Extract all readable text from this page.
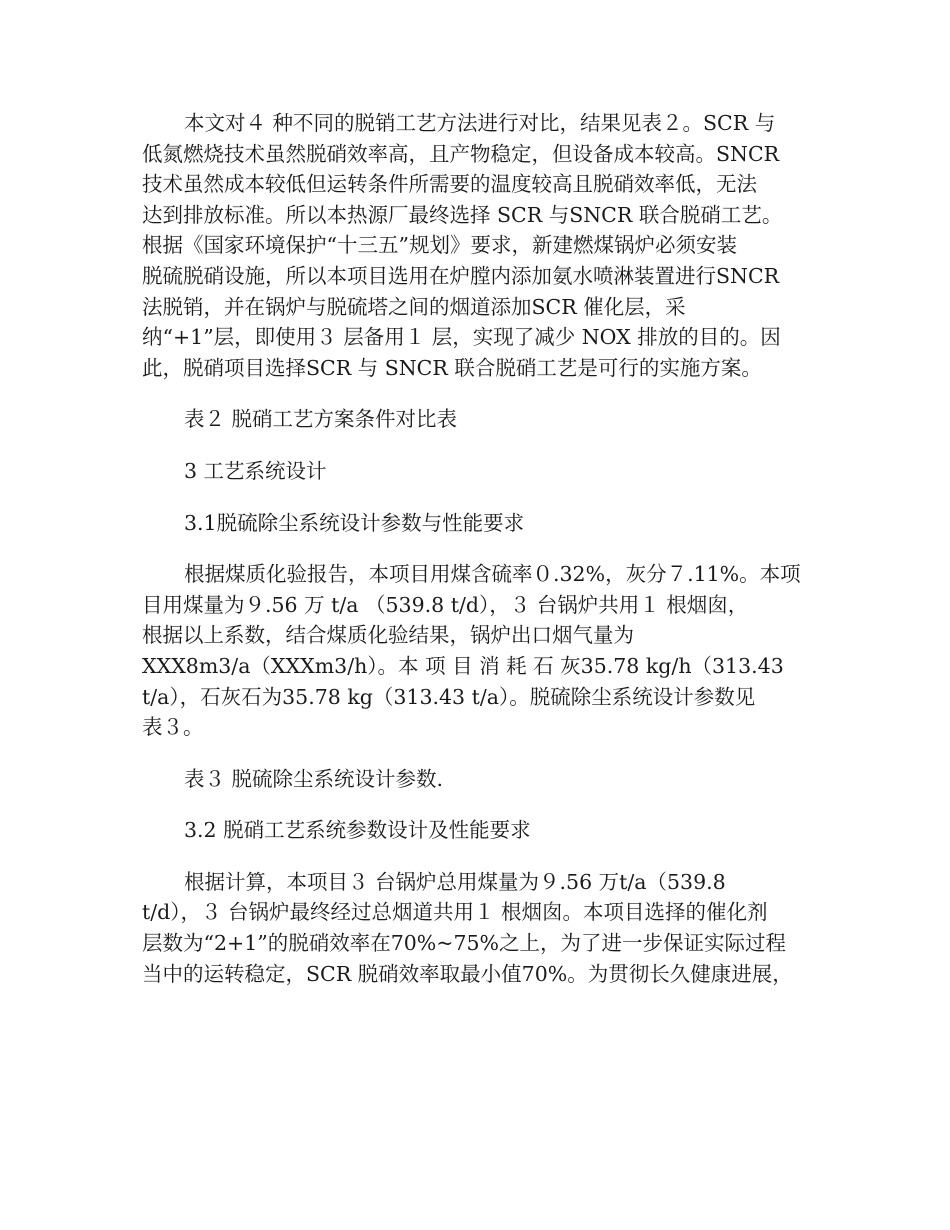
本文对４ 种不同的脱销工艺方法进行对比，结果见表２。SCR 与
低氮燃烧技术虽然脱硝效率高，且产物稳定，但设备成本较高。SNCR
技术虽然成本较低但运转条件所需要的温度较高且脱硝效率低，无法
达到排放标准。所以本热源厂最终选择 SCR 与SNCR 联合脱硝工艺。
根据《国家环境保护“十三五”规划》要求，新建燃煤锅炉必须安装
脱硫脱硝设施，所以本项目选用在炉膛内添加氨水喷淋装置进行SNCR
法脱销，并在锅炉与脱硫塔之间的烟道添加SCR 催化层，采
纳“+1”层，即使用３ 层备用１ 层，实现了减少 NOX 排放的目的。因
此，脱硝项目选择SCR 与 SNCR 联合脱硝工艺是可行的实施方案。
表２ 脱硝工艺方案条件对比表
3 工艺系统设计
3.1脱硫除尘系统设计参数与性能要求
根据煤质化验报告，本项目用煤含硫率０.32%，灰分７.11%。本项
目用煤量为９.56 万 t/a （539.8 t/d），３ 台锅炉共用１ 根烟囱，
根据以上系数，结合煤质化验结果，锅炉出口烟气量为
XXX8m3/a（XXXm3/h）。本 项 目 消 耗 石 灰35.78 kg/h（313.43
t/a），石灰石为35.78 kg（313.43 t/a）。脱硫除尘系统设计参数见
表３。
表３ 脱硫除尘系统设计参数.
3.2 脱硝工艺系统参数设计及性能要求
根据计算，本项目３ 台锅炉总用煤量为９.56 万t/a（539.8
t/d），３ 台锅炉最终经过总烟道共用１ 根烟囱。本项目选择的催化剂
层数为“2+1”的脱硝效率在70%~75%之上，为了进一步保证实际过程
当中的运转稳定，SCR 脱硝效率取最小值70%。为贯彻长久健康进展，
